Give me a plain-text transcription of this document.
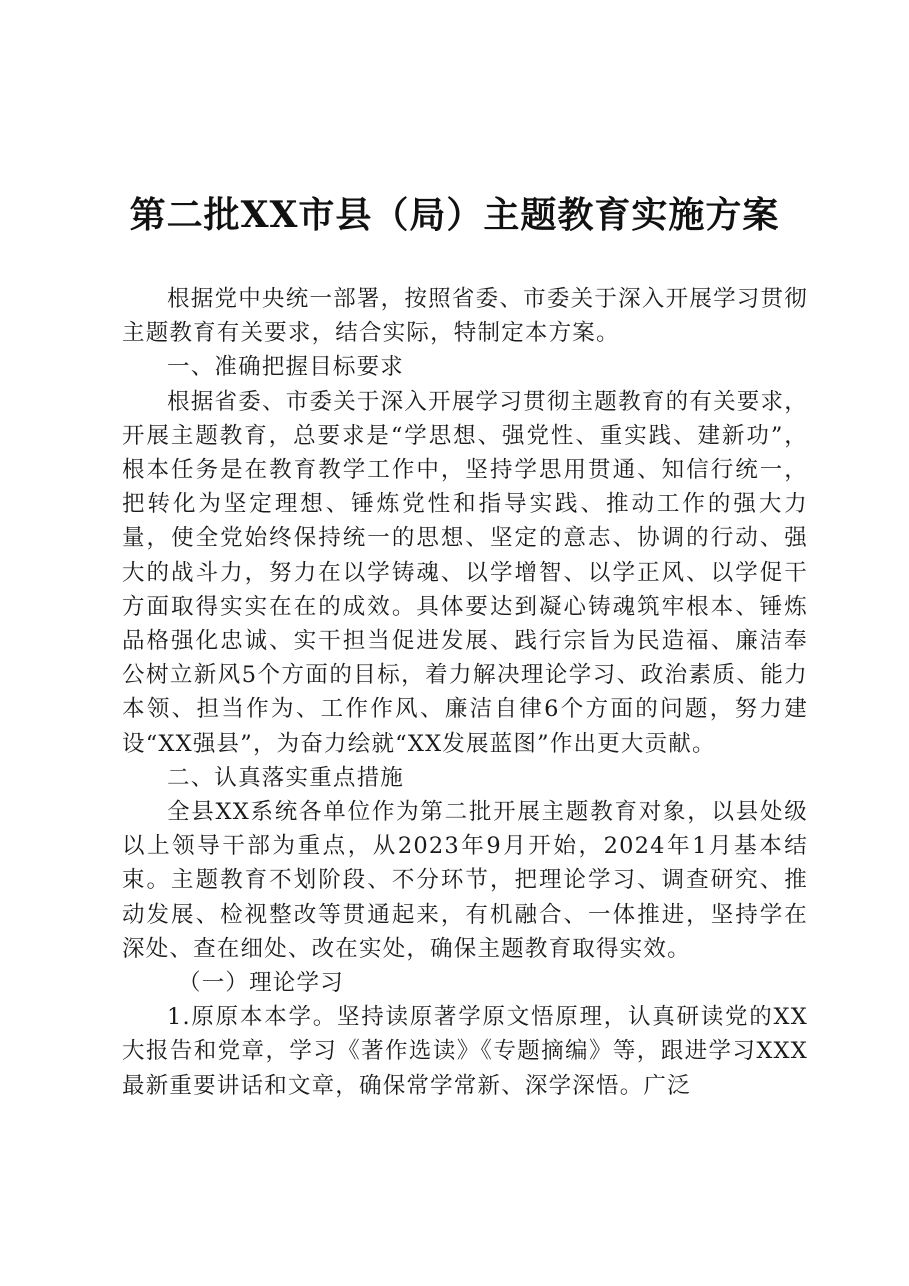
第二批XX市县（局）主题教育实施方案

根据党中央统一部署，按照省委、市委关于深入开展学习贯彻主题教育有关要求，结合实际，特制定本方案。

一、准确把握目标要求

根据省委、市委关于深入开展学习贯彻主题教育的有关要求，开展主题教育，总要求是“学思想、强党性、重实践、建新功”，根本任务是在教育教学工作中，坚持学思用贯通、知信行统一，把转化为坚定理想、锤炼党性和指导实践、推动工作的强大力量，使全党始终保持统一的思想、坚定的意志、协调的行动、强大的战斗力，努力在以学铸魂、以学增智、以学正风、以学促干方面取得实实在在的成效。具体要达到凝心铸魂筑牢根本、锤炼品格强化忠诚、实干担当促进发展、践行宗旨为民造福、廉洁奉公树立新风5个方面的目标，着力解决理论学习、政治素质、能力本领、担当作为、工作作风、廉洁自律6个方面的问题，努力建设“XX强县”，为奋力绘就“XX发展蓝图”作出更大贡献。

二、认真落实重点措施

全县XX系统各单位作为第二批开展主题教育对象，以县处级以上领导干部为重点，从2023年9月开始，2024年1月基本结束。主题教育不划阶段、不分环节，把理论学习、调查研究、推动发展、检视整改等贯通起来，有机融合、一体推进，坚持学在深处、查在细处、改在实处，确保主题教育取得实效。

（一）理论学习

1.原原本本学。坚持读原著学原文悟原理，认真研读党的XX大报告和党章，学习《著作选读》《专题摘编》等，跟进学习XXX最新重要讲话和文章，确保常学常新、深学深悟。广泛
